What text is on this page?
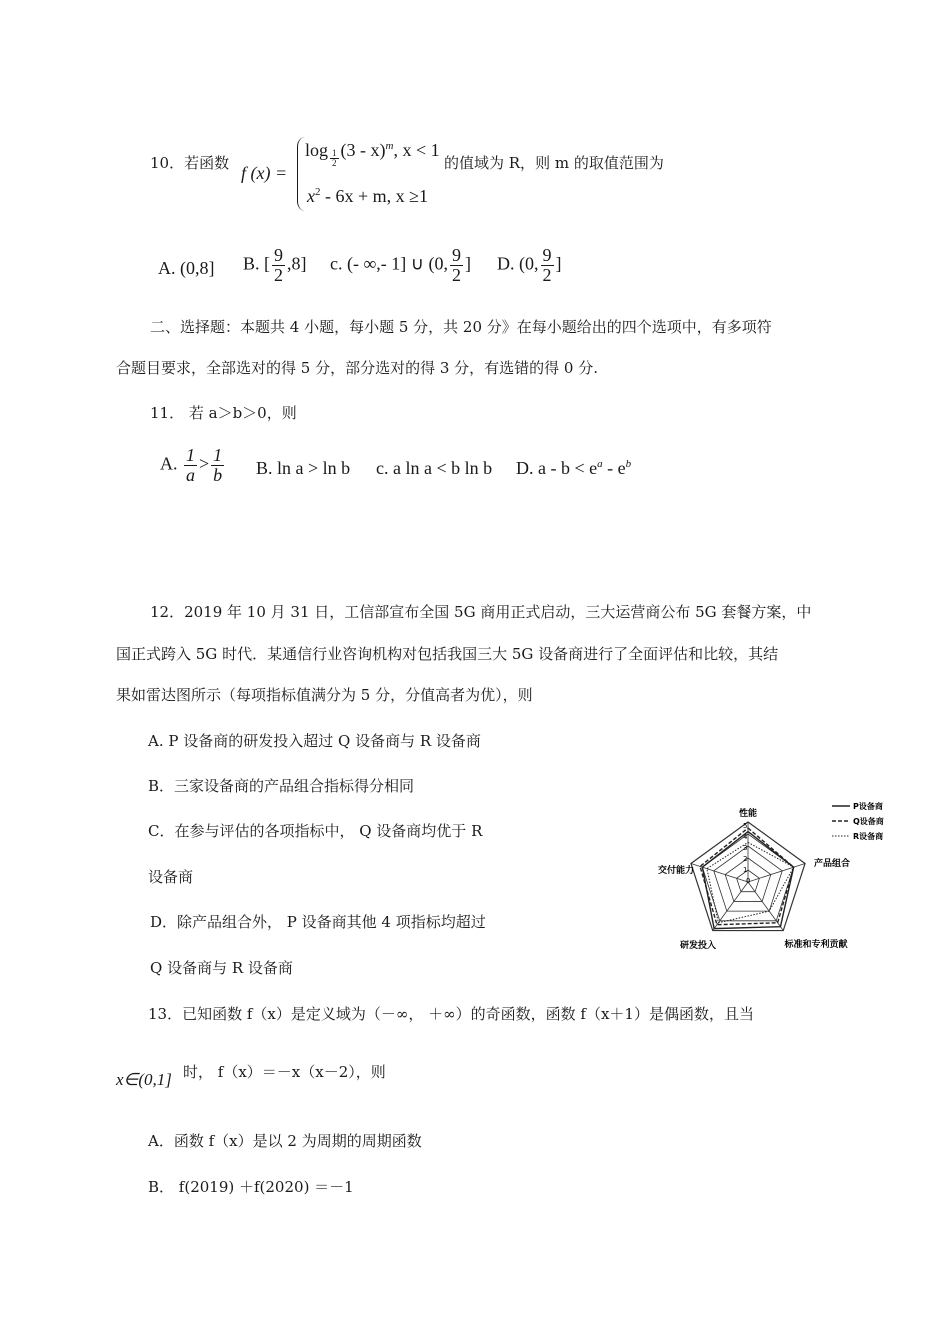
10．若函数 f (x) =
$\log \frac{1}{2} (3 - x)^m$, x < 1
$x^2 - 6x + m$, x ≥1
的值域为 R，则 m 的取值范围为
A. (0,8] B. [ $\frac{9}{2} ,8$] c. (- ∞,- 1] ∪ (0, $\frac{9}{2}$ ] D. (0, $\frac{9}{2}$ ]
二、选择题：本题共 4 小题，每小题 5 分，共 20 分》在每小题给出的四个选项中，有多项符
合题目要求，全部选对的得 5 分，部分选对的得 3 分，有选错的得 0 分.
11． 若 a＞b＞0，则
A. $\frac{1}{a} > \frac{1}{b} B$. ln a > ln b c. a ln a < b ln b D. $a - b < e^a - e^b$
12．2019 年 10 月 31 日，工信部宣布全国 5G 商用正式启动，三大运营商公布 5G 套餐方案，中
国正式跨入 5G 时代．某通信行业咨询机构对包括我国三大 5G 设备商进行了全面评估和比较，其结
果如雷达图所示（每项指标值满分为 5 分，分值高者为优），则
A. P 设备商的研发投入超过 Q 设备商与 R 设备商
B．三家设备商的产品组合指标得分相同
C．在参与评估的各项指标中， Q 设备商均优于 R
设备商
D．除产品组合外， P 设备商其他 4 项指标均超过
Q 设备商与 R 设备商
性能
产品组合
标准和专利贡献
研发投入
交付能力
5
4
3
2
1
0
P设备商
Q设备商
R设备商
13．已知函数 f（x）是定义域为（－∞， ＋∞）的奇函数，函数 f（x＋1）是偶函数，且当
x∈(0,1] 时， f（x）＝－x（x－2），则
A．函数 f（x）是以 2 为周期的周期函数
B． f(2019) ＋f(2020) ＝－1
